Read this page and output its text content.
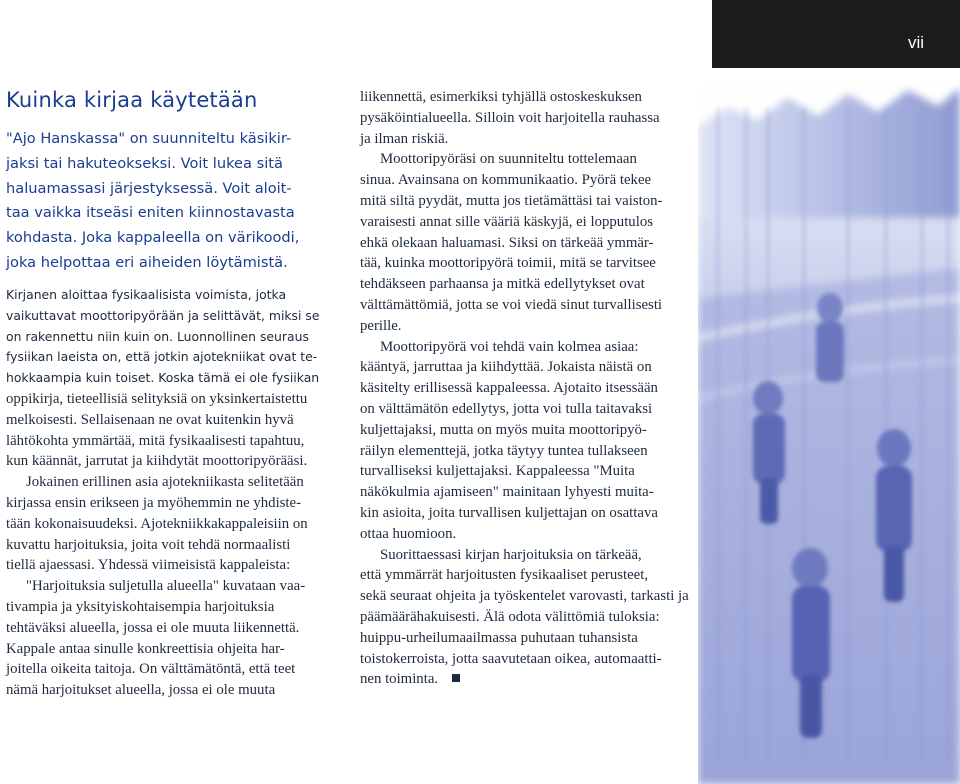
vii
Kuinka kirjaa käytetään
"Ajo Hanskassa" on suunniteltu käsikir-
jaksi tai hakuteokseksi. Voit lukea sitä
haluamassasi järjestyksessä. Voit aloit-
taa vaikka itseäsi eniten kiinnostavasta
kohdasta. Joka kappaleella on värikoodi,
joka helpottaa eri aiheiden löytämistä.
Kirjanen aloittaa fysikaalisista voimista, jotka
vaikuttavat moottoripyörään ja selittävät, miksi se
on rakennettu niin kuin on. Luonnollinen seuraus
fysiikan laeista on, että jotkin ajotekniikat ovat te-
hokkaampia kuin toiset. Koska tämä ei ole fysiikan
oppikirja, tieteellisiä selityksiä on yksinkertaistettu
melkoisesti. Sellaisenaan ne ovat kuitenkin hyvä
lähtökohta ymmärtää, mitä fysikaalisesti tapahtuu,
kun käännät, jarrutat ja kiihdytät moottoripyörääsi.
Jokainen erillinen asia ajotekniikasta selitetään
kirjassa ensin erikseen ja myöhemmin ne yhdiste-
tään kokonaisuudeksi. Ajotekniikkakappaleisiin on
kuvattu harjoituksia, joita voit tehdä normaalisti
tiellä ajaessasi. Yhdessä viimeisistä kappaleista:
"Harjoituksia suljetulla alueella" kuvataan vaa-
tivampia ja yksityiskohtaisempia harjoituksia
tehtäväksi alueella, jossa ei ole muuta liikennettä.
Kappale antaa sinulle konkreettisia ohjeita har-
joitella oikeita taitoja. On välttämätöntä, että teet
nämä harjoitukset alueella, jossa ei ole muuta
liikennettä, esimerkiksi tyhjällä ostoskeskuksen
pysäköintialueella. Silloin voit harjoitella rauhassa
ja ilman riskiä.
Moottoripyöräsi on suunniteltu tottelemaan
sinua. Avainsana on kommunikaatio. Pyörä tekee
mitä siltä pyydät, mutta jos tietämättäsi tai vaiston-
varaisesti annat sille vääriä käskyjä, ei lopputulos
ehkä olekaan haluamasi. Siksi on tärkeää ymmär-
tää, kuinka moottoripyörä toimii, mitä se tarvitsee
tehdäkseen parhaansa ja mitkä edellytykset ovat
välttämättömiä, jotta se voi viedä sinut turvallisesti
perille.
Moottoripyörä voi tehdä vain kolmea asiaa:
kääntyä, jarruttaa ja kiihdyttää. Jokaista näistä on
käsitelty erillisessä kappaleessa. Ajotaito itsessään
on välttämätön edellytys, jotta voi tulla taitavaksi
kuljettajaksi, mutta on myös muita moottoripyö-
räilyn elementtejä, jotka täytyy tuntea tullakseen
turvalliseksi kuljettajaksi. Kappaleessa "Muita
näkökulmia ajamiseen" mainitaan lyhyesti muita-
kin asioita, joita turvallisen kuljettajan on osattava
ottaa huomioon.
Suorittaessasi kirjan harjoituksia on tärkeää,
että ymmärrät harjoitusten fysikaaliset perusteet,
sekä seuraat ohjeita ja työskentelet varovasti, tarkasti ja
päämäärähakuisesti. Älä odota välittömiä tuloksia:
huippu-urheilumaailmassa puhutaan tuhansista
toistokerroista, jotta saavutetaan oikea, automaatti-
nen toiminta.
